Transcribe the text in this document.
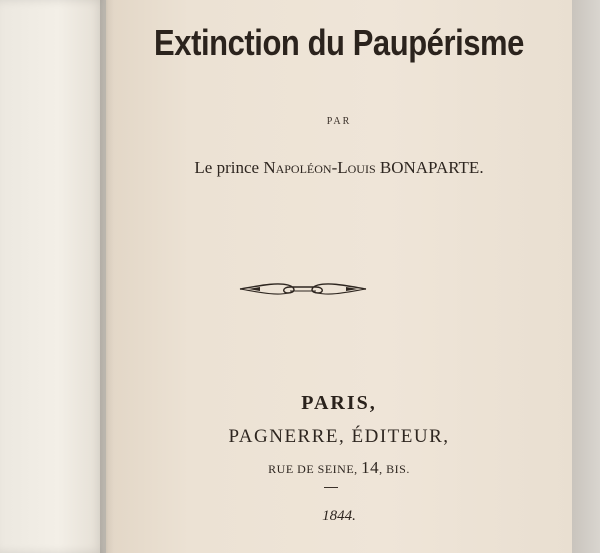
Extinction du Paupérisme
PAR
Le prince Napoléon-Louis BONAPARTE.
PARIS,
PAGNERRE, ÉDITEUR,
RUE DE SEINE, 14, BIS.
1844.
